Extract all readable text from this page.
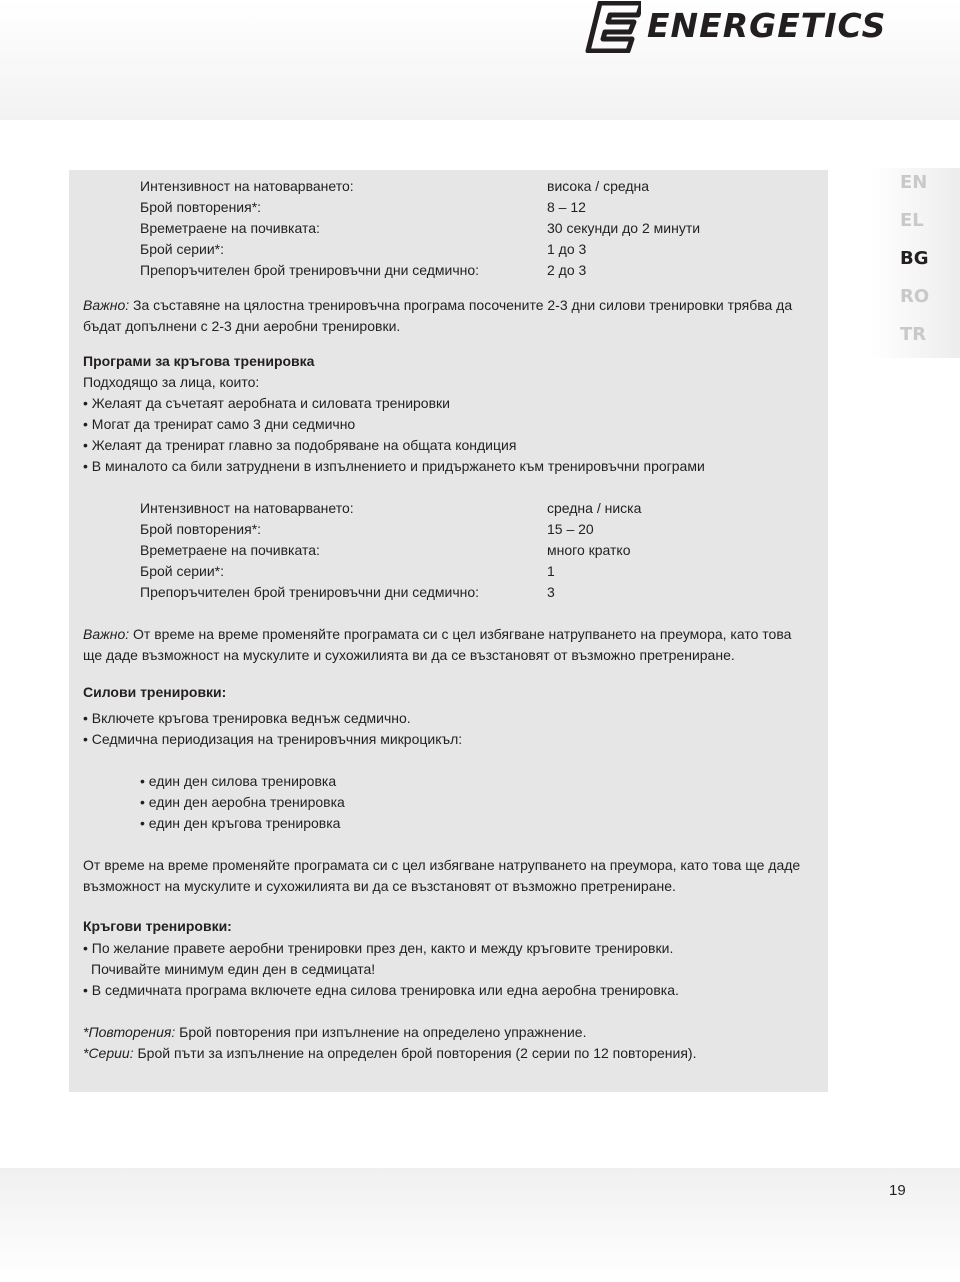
ENERGETICS
EN
EL
BG
RO
TR
Интензивност на натоварването:	висока / средна
Брой повторения*:	8 – 12
Времетраене на почивката:	30 секунди до 2 минути
Брой серии*:	1 до 3
Препоръчителен брой тренировъчни дни седмично:	2 до 3

Важно: За съставяне на цялостна тренировъчна програма посочените 2-3 дни силови тренировки трябва да

бъдат допълнени с 2-3 дни аеробни тренировки.

Програми за кръгова тренировка

Подходящо за лица, които:

• Желаят да съчетаят аеробната и силовата тренировки

• Могат да тренират само 3 дни седмично

• Желаят да тренират главно за подобряване на общата кондиция

• В миналото са били затруднени в изпълнението и придържането към тренировъчни програми

Интензивност на натоварването:	средна / ниска
Брой повторения*:	15 – 20
Времетраене на почивката:	много кратко
Брой серии*:	1
Препоръчителен брой тренировъчни дни седмично:	3

Важно: От време на време променяйте програмата си с цел избягване натрупването на преумора, като това

ще даде възможност на мускулите и сухожилията ви да се възстановят от възможно претрениране.

Силови тренировки:

• Включете кръгова тренировка веднъж седмично.

• Седмична периодизация на тренировъчния микроцикъл:

• един ден силова тренировка

• един ден аеробна тренировка

• един ден кръгова тренировка

От време на време променяйте програмата си с цел избягване натрупването на преумора, като това ще даде

възможност на мускулите и сухожилията ви да се възстановят от възможно претрениране.

Кръгови тренировки:

• По желание правете аеробни тренировки през ден, както и между кръговите тренировки.

Почивайте минимум един ден в седмицата!

• В седмичната програма включете една силова тренировка или една аеробна тренировка.

*Повторения: Брой повторения при изпълнение на определено упражнение.

*Серии: Брой пъти за изпълнение на определен брой повторения (2 серии по 12 повторения).

19
